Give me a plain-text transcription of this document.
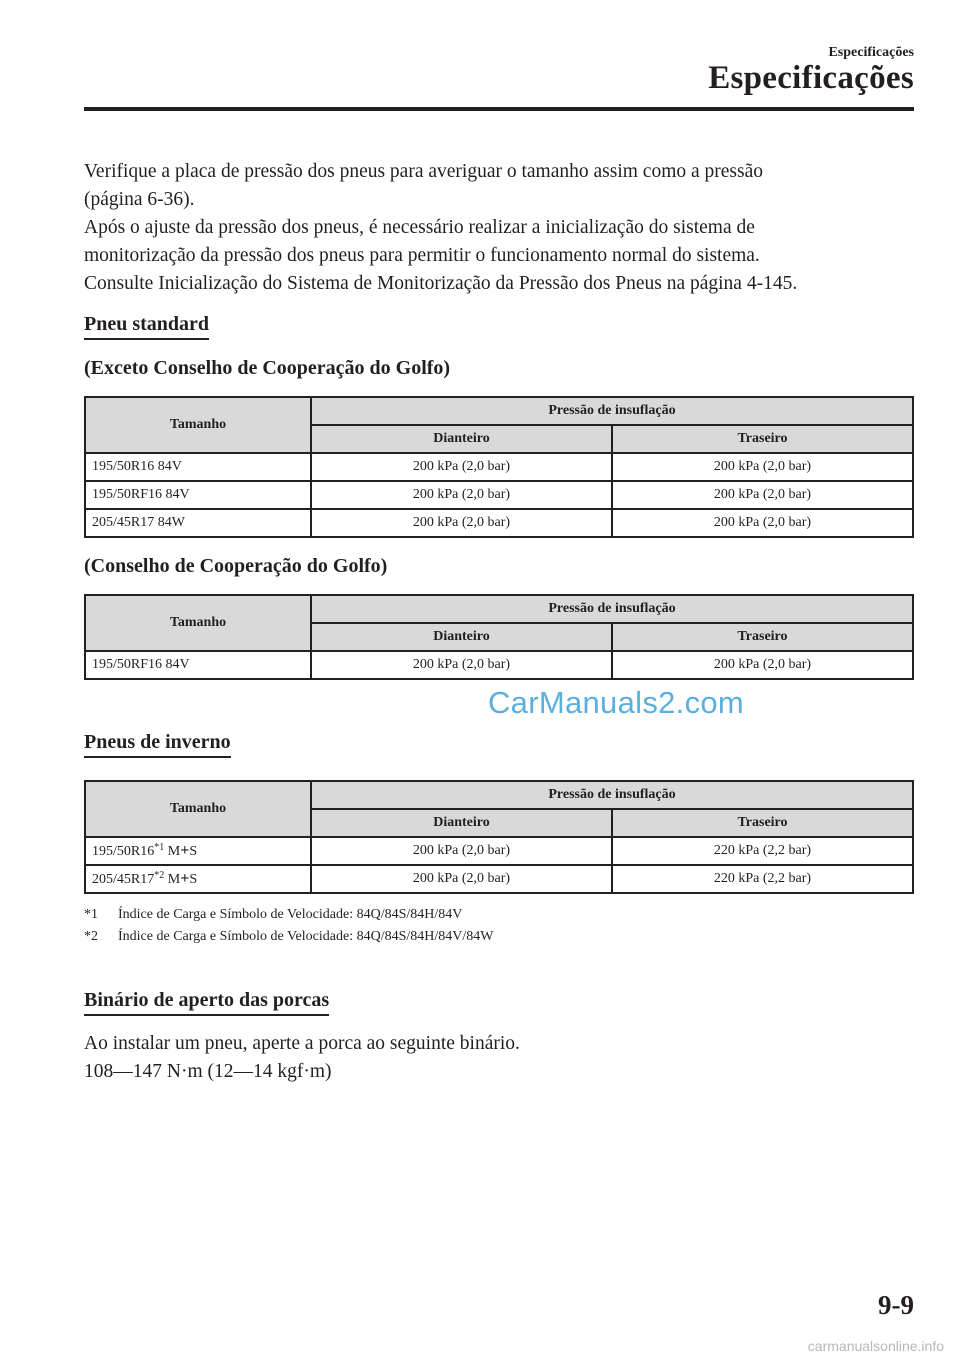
Especificações
Especificações

Verifique a placa de pressão dos pneus para averiguar o tamanho assim como a pressão

(página 6-36).

Após o ajuste da pressão dos pneus, é necessário realizar a inicialização do sistema de

monitorização da pressão dos pneus para permitir o funcionamento normal do sistema.

Consulte Inicialização do Sistema de Monitorização da Pressão dos Pneus na página 4-145.

Pneu standard
(Exceto Conselho de Cooperação do Golfo)
Tamanho	Pressão de insuflação	
	Dianteiro	Traseiro
195/50R16 84V	200 kPa (2,0 bar)	200 kPa (2,0 bar)
195/50RF16 84V	200 kPa (2,0 bar)	200 kPa (2,0 bar)
205/45R17 84W	200 kPa (2,0 bar)	200 kPa (2,0 bar)
(Conselho de Cooperação do Golfo)
Tamanho	Pressão de insuflação	
	Dianteiro	Traseiro
195/50RF16 84V	200 kPa (2,0 bar)	200 kPa (2,0 bar)
Pneus de inverno
Tamanho	Pressão de insuflação	
	Dianteiro	Traseiro
195/50R16$^{*1}$ M+S	200 kPa (2,0 bar)	220 kPa (2,2 bar)
205/45R17$^{*2}$ M+S	200 kPa (2,0 bar)	220 kPa (2,2 bar)
*1	Índice de Carga e Símbolo de Velocidade: 84Q/84S/84H/84V
*2	Índice de Carga e Símbolo de Velocidade: 84Q/84S/84H/84V/84W
Binário de aperto das porcas

Ao instalar um pneu, aperte a porca ao seguinte binário.

108―147 N·m (12―14 kgf·m)

CarManuals2.com
9-9
carmanualsonline.info
